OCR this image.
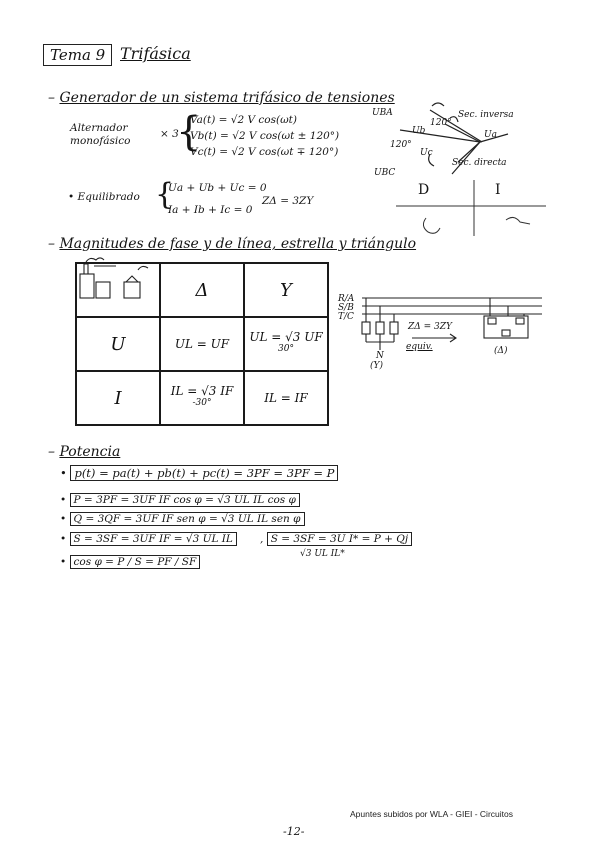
Tema 9 Trifásica
– Generador de un sistema trifásico de tensiones
Alternador monofásico
× 3
{
Va(t) = √2 V cos(ωt)
Vb(t) = √2 V cos(ωt ± 120°)
Vc(t) = √2 V cos(ωt ∓ 120°)
• Equilibrado {
Ua + Ub + Uc = 0
Ia + Ib + Ic = 0
ZΔ = 3ZY
UBA
Ua
Ub
Uc
UBC
120°
120°
Sec. inversa
Sec. directa
D	I
– Magnitudes de fase y de línea, estrella y triángulo
	Δ	Y
U	UL = UF	UL = √3 UF $^{30^\circ}$
I	IL = √3 IF $^{-30^\circ}$	IL = IF
R/A
S/B
T/C
ZΔ = 3ZY
equiv.
N
(Y)
(Δ)
– Potencia
• p(t) = pa(t) + pb(t) + pc(t) = 3PF = 3PF = P
• P = 3PF = 3UF IF cos φ = √3 UL IL cos φ
• Q = 3QF = 3UF IF sen φ = √3 UL IL sen φ
• S = 3SF = 3UF IF = √3 UL IL	, S = 3SF = 3U I* = P + Qj
√3 UL IL*
• cos φ = P / S = PF / SF
Apuntes subidos por WLA - GIEI - Circuitos
-12-
